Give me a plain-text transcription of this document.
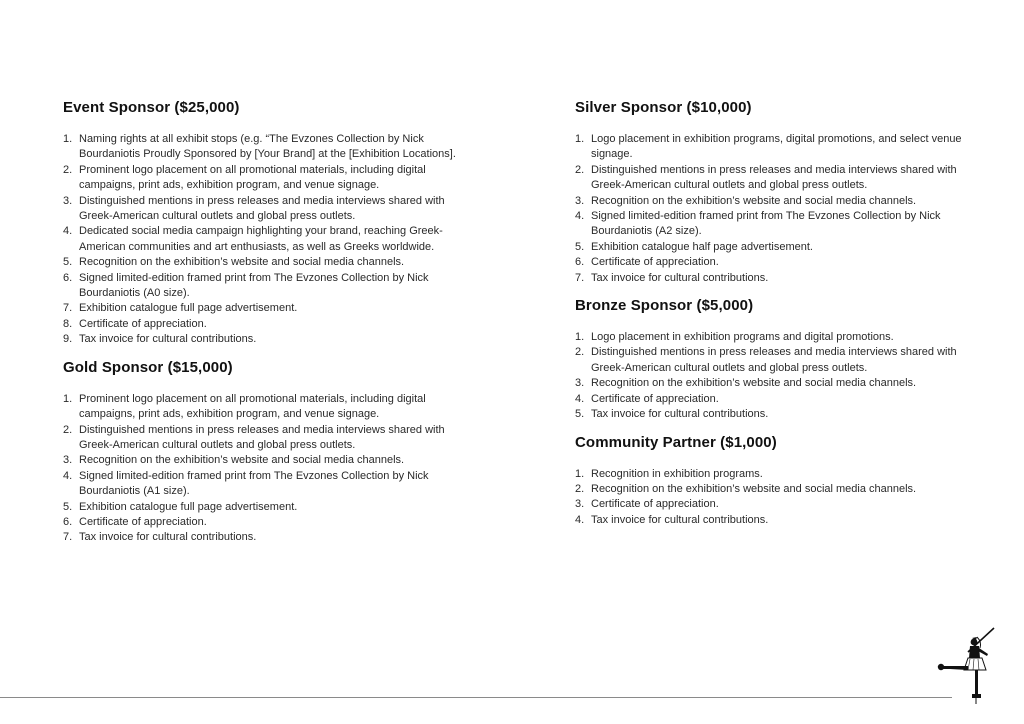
Event Sponsor ($25,000)
Naming rights at all exhibit stops (e.g. “The Evzones Collection by Nick Bourdaniotis Proudly Sponsored by [Your Brand] at the [Exhibition Locations].
Prominent logo placement on all promotional materials, including digital campaigns, print ads, exhibition program, and venue signage.
Distinguished mentions in press releases and media interviews shared with Greek-American cultural outlets and global press outlets.
Dedicated social media campaign highlighting your brand, reaching Greek-American communities and art enthusiasts, as well as Greeks worldwide.
Recognition on the exhibition’s website and social media channels.
Signed limited-edition framed print from The Evzones Collection by Nick Bourdaniotis (A0 size).
Exhibition catalogue full page advertisement.
Certificate of appreciation.
Tax invoice for cultural contributions.
Gold Sponsor ($15,000)
Prominent logo placement on all promotional materials, including digital campaigns, print ads, exhibition program, and venue signage.
Distinguished mentions in press releases and media interviews shared with Greek-American cultural outlets and global press outlets.
Recognition on the exhibition’s website and social media channels.
Signed limited-edition framed print from The Evzones Collection by Nick Bourdaniotis (A1 size).
Exhibition catalogue full page advertisement.
Certificate of appreciation.
Tax invoice for cultural contributions.
Silver Sponsor ($10,000)
Logo placement in exhibition programs, digital promotions, and select venue signage.
Distinguished mentions in press releases and media interviews shared with Greek-American cultural outlets and global press outlets.
Recognition on the exhibition’s website and social media channels.
Signed limited-edition framed print from The Evzones Collection by Nick Bourdaniotis (A2 size).
Exhibition catalogue half page advertisement.
Certificate of appreciation.
Tax invoice for cultural contributions.
Bronze Sponsor ($5,000)
Logo placement in exhibition programs and digital promotions.
Distinguished mentions in press releases and media interviews shared with Greek-American cultural outlets and global press outlets.
Recognition on the exhibition’s website and social media channels.
Certificate of appreciation.
Tax invoice for cultural contributions.
Community Partner ($1,000)
Recognition in exhibition programs.
Recognition on the exhibition’s website and social media channels.
Certificate of appreciation.
Tax invoice for cultural contributions.
